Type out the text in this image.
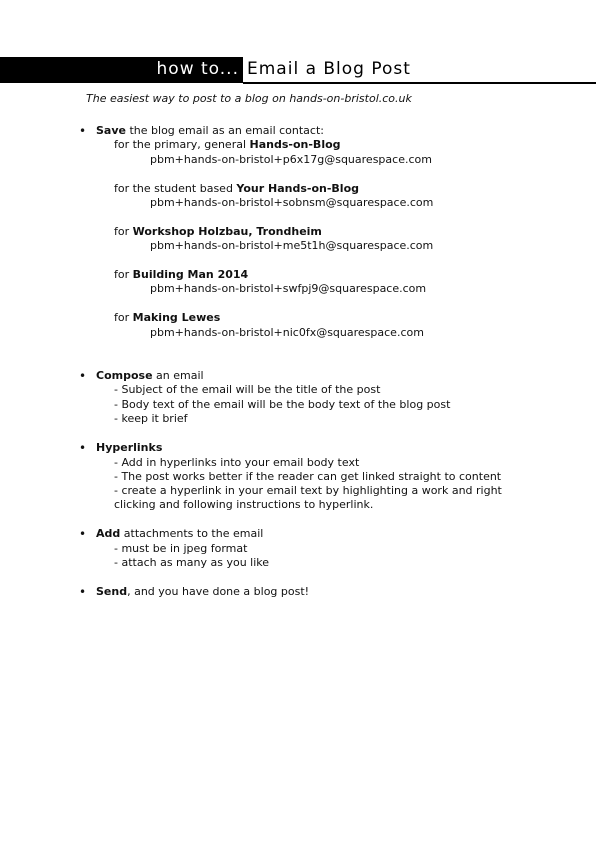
how to... Email a Blog Post
The easiest way to post to a blog on hands-on-bristol.co.uk
• Save the blog email as an email contact:
for the primary, general Hands-on-Blog
pbm+hands-on-bristol+p6x17g@squarespace.com
for the student based Your Hands-on-Blog
pbm+hands-on-bristol+sobnsm@squarespace.com
for Workshop Holzbau, Trondheim
pbm+hands-on-bristol+me5t1h@squarespace.com
for Building Man 2014
pbm+hands-on-bristol+swfpj9@squarespace.com
for Making Lewes
pbm+hands-on-bristol+nic0fx@squarespace.com
• Compose an email
- Subject of the email will be the title of the post
- Body text of the email will be the body text of the blog post
- keep it brief
• Hyperlinks
- Add in hyperlinks into your email body text
- The post works better if the reader can get linked straight to content
- create a hyperlink in your email text by highlighting a work and right
clicking and following instructions to hyperlink.
• Add attachments to the email
- must be in jpeg format
- attach as many as you like
• Send, and you have done a blog post!
